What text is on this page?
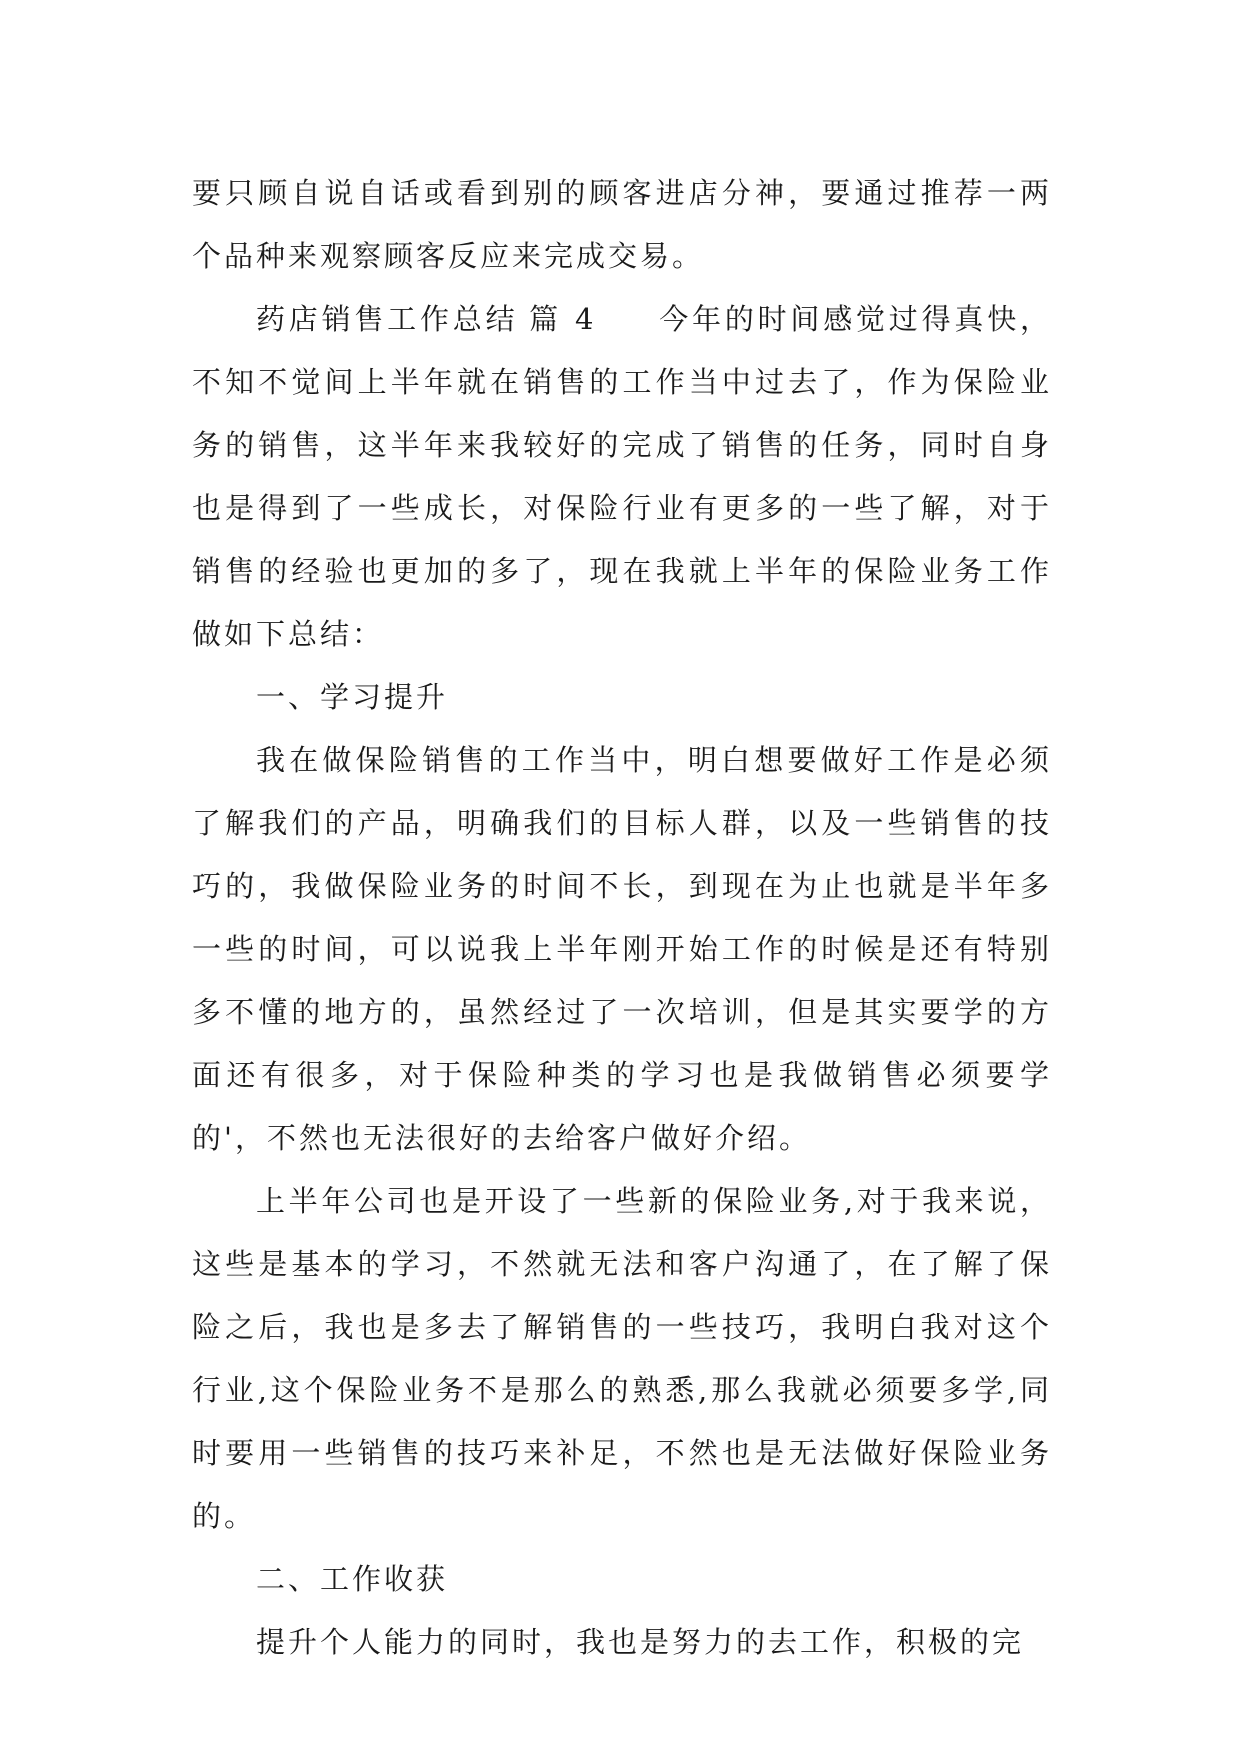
要只顾自说自话或看到别的顾客进店分神，要通过推荐一两个品种来观察顾客反应来完成交易。

药店销售工作总结 篇 4 今年的时间感觉过得真快，不知不觉间上半年就在销售的工作当中过去了，作为保险业务的销售，这半年来我较好的完成了销售的任务，同时自身也是得到了一些成长，对保险行业有更多的一些了解，对于销售的经验也更加的多了，现在我就上半年的保险业务工作做如下总结：

一、学习提升

我在做保险销售的工作当中，明白想要做好工作是必须了解我们的产品，明确我们的目标人群，以及一些销售的技巧的，我做保险业务的时间不长，到现在为止也就是半年多一些的时间，可以说我上半年刚开始工作的时候是还有特别多不懂的地方的，虽然经过了一次培训，但是其实要学的方面还有很多，对于保险种类的学习也是我做销售必须要学的'，不然也无法很好的去给客户做好介绍。

上半年公司也是开设了一些新的保险业务,对于我来说，这些是基本的学习，不然就无法和客户沟通了，在了解了保险之后，我也是多去了解销售的一些技巧，我明白我对这个行业,这个保险业务不是那么的熟悉,那么我就必须要多学,同时要用一些销售的技巧来补足，不然也是无法做好保险业务的。

二、工作收获

提升个人能力的同时，我也是努力的去工作，积极的完
